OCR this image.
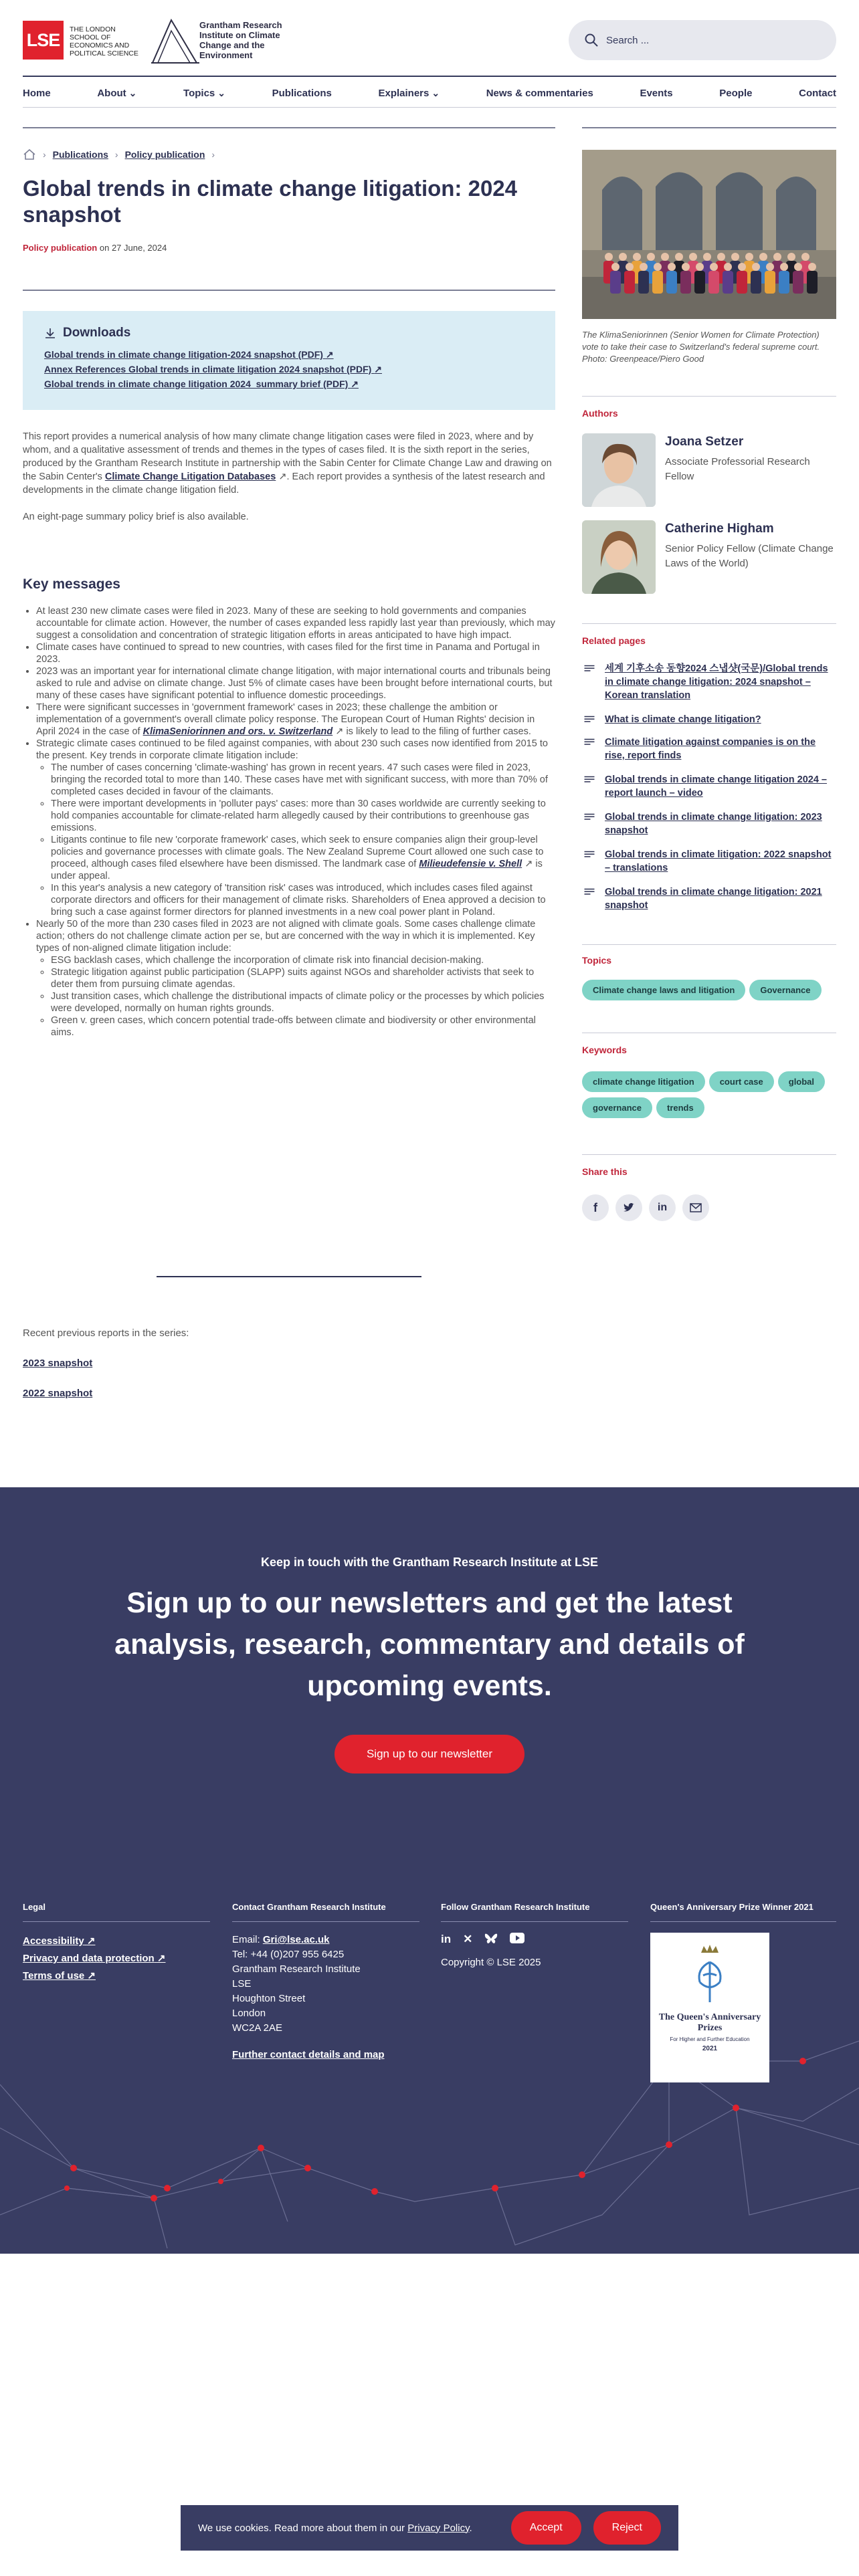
LSE
THE LONDON SCHOOL OF ECONOMICS AND POLITICAL SCIENCE
Grantham Research Institute on Climate Change and the Environment
Search ...
Home	About ⌄	Topics ⌄	Publications	Explainers ⌄	News & commentaries	Events	People	Contact
› Publications › Policy publication ›
Global trends in climate change litigation: 2024 snapshot
Policy publication on 27 June, 2024
Downloads
Global trends in climate change litigation-2024 snapshot (PDF) ↗
Annex References Global trends in climate litigation 2024 snapshot (PDF) ↗
Global trends in climate change litigation 2024_summary brief (PDF) ↗

This report provides a numerical analysis of how many climate change litigation cases were filed in 2023, where and by whom, and a qualitative assessment of trends and themes in the types of cases filed. It is the sixth report in the series, produced by the Grantham Research Institute in partnership with the Sabin Center for Climate Change Law and drawing on the Sabin Center's Climate Change Litigation Databases ↗. Each report provides a synthesis of the latest research and developments in the climate change litigation field.

An eight-page summary policy brief is also available.

Key messages
• At least 230 new climate cases were filed in 2023. Many of these are seeking to hold governments and companies accountable for climate action. However, the number of cases expanded less rapidly last year than previously, which may suggest a consolidation and concentration of strategic litigation efforts in areas anticipated to have high impact.
• Climate cases have continued to spread to new countries, with cases filed for the first time in Panama and Portugal in 2023.
• 2023 was an important year for international climate change litigation, with major international courts and tribunals being asked to rule and advise on climate change. Just 5% of climate cases have been brought before international courts, but many of these cases have significant potential to influence domestic proceedings.
• There were significant successes in 'government framework' cases in 2023; these challenge the ambition or implementation of a government's overall climate policy response. The European Court of Human Rights' decision in April 2024 in the case of KlimaSeniorinnen and ors. v. Switzerland ↗ is likely to lead to the filing of further cases.
• Strategic climate cases continued to be filed against companies, with about 230 such cases now identified from 2015 to the present. Key trends in corporate climate litigation include:
◦ The number of cases concerning 'climate-washing' has grown in recent years. 47 such cases were filed in 2023, bringing the recorded total to more than 140. These cases have met with significant success, with more than 70% of completed cases decided in favour of the claimants.
◦ There were important developments in 'polluter pays' cases: more than 30 cases worldwide are currently seeking to hold companies accountable for climate-related harm allegedly caused by their contributions to greenhouse gas emissions.
◦ Litigants continue to file new 'corporate framework' cases, which seek to ensure companies align their group-level policies and governance processes with climate goals. The New Zealand Supreme Court allowed one such case to proceed, although cases filed elsewhere have been dismissed. The landmark case of Milieudefensie v. Shell ↗ is under appeal.
◦ In this year's analysis a new category of 'transition risk' cases was introduced, which includes cases filed against corporate directors and officers for their management of climate risks. Shareholders of Enea approved a decision to bring such a case against former directors for planned investments in a new coal power plant in Poland.
• Nearly 50 of the more than 230 cases filed in 2023 are not aligned with climate goals. Some cases challenge climate action; others do not challenge climate action per se, but are concerned with the way in which it is implemented. Key types of non-aligned climate litigation include:
◦ ESG backlash cases, which challenge the incorporation of climate risk into financial decision-making.
◦ Strategic litigation against public participation (SLAPP) suits against NGOs and shareholder activists that seek to deter them from pursuing climate agendas.
◦ Just transition cases, which challenge the distributional impacts of climate policy or the processes by which policies were developed, normally on human rights grounds.
◦ Green v. green cases, which concern potential trade-offs between climate and biodiversity or other environmental aims.
Recent previous reports in the series:
2023 snapshot
2022 snapshot
The KlimaSeniorinnen (Senior Women for Climate Protection) vote to take their case to Switzerland's federal supreme court. Photo: Greenpeace/Piero Good
Authors
Joana Setzer
Associate Professorial Research Fellow
Catherine Higham
Senior Policy Fellow (Climate Change Laws of the World)
Related pages
세계 기후소송 동향2024 스냅샷(국문)/Global trends in climate change litigation: 2024 snapshot – Korean translation
What is climate change litigation?
Climate litigation against companies is on the rise, report finds
Global trends in climate change litigation 2024 – report launch – video
Global trends in climate change litigation: 2023 snapshot
Global trends in climate litigation: 2022 snapshot – translations
Global trends in climate change litigation: 2021 snapshot
Topics
Climate change laws and litigation	Governance
Keywords
climate change litigation	court case	globalgovernance	trends
Share this
f	in
Keep in touch with the Grantham Research Institute at LSE
Sign up to our newsletters and get the latest analysis, research, commentary and details of upcoming events.
Sign up to our newsletter
Legal
Accessibility ↗
Privacy and data protection ↗
Terms of use ↗
Contact Grantham Research Institute
Email: Gri@lse.ac.uk
Tel: +44 (0)207 955 6425
Grantham Research Institute
LSE
Houghton Street
London
WC2A 2AE
Further contact details and map
Follow Grantham Research Institute
in ✕
Copyright © LSE 2025
Queen's Anniversary Prize Winner 2021
The Queen's Anniversary Prizes
For Higher and Further Education
2021
We use cookies. Read more about them in our Privacy Policy.	Accept	Reject
